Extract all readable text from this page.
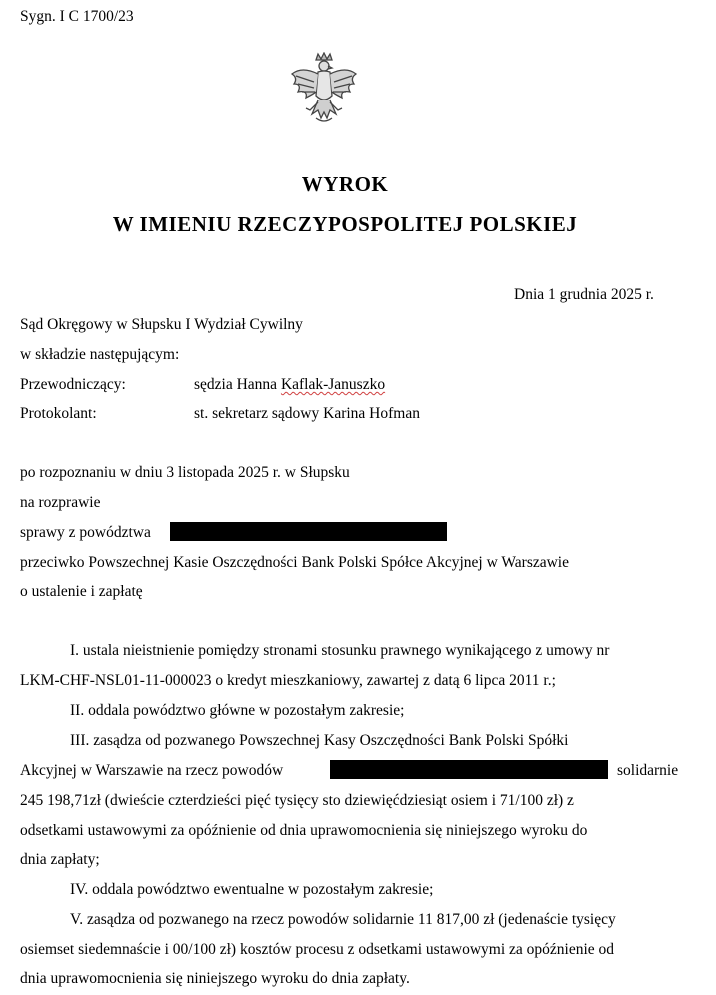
Sygn. I C 1700/23
WYROK
W IMIENIU RZECZYPOSPOLITEJ POLSKIEJ
Dnia 1 grudnia 2025 r.
Sąd Okręgowy w Słupsku I Wydział Cywilny
w składzie następującym:
Przewodniczący:	sędzia Hanna Kaflak-Januszko
Protokolant:	st. sekretarz sądowy Karina Hofman
po rozpoznaniu w dniu 3 listopada 2025 r. w Słupsku
na rozprawie
sprawy z powództwa
przeciwko Powszechnej Kasie Oszczędności Bank Polski Spółce Akcyjnej w Warszawie
o ustalenie i zapłatę
I. ustala nieistnienie pomiędzy stronami stosunku prawnego wynikającego z umowy nr
LKM-CHF-NSL01-11-000023 o kredyt mieszkaniowy, zawartej z datą 6 lipca 2011 r.;
II. oddala powództwo główne w pozostałym zakresie;
III. zasądza od pozwanego Powszechnej Kasy Oszczędności Bank Polski Spółki
Akcyjnej w Warszawie na rzecz powodów	solidarnie
245 198,71zł (dwieście czterdzieści pięć tysięcy sto dziewięćdziesiąt osiem i 71/100 zł) z
odsetkami ustawowymi za opóźnienie od dnia uprawomocnienia się niniejszego wyroku do
dnia zapłaty;
IV. oddala powództwo ewentualne w pozostałym zakresie;
V. zasądza od pozwanego na rzecz powodów solidarnie 11 817,00 zł (jedenaście tysięcy
osiemset siedemnaście i 00/100 zł) kosztów procesu z odsetkami ustawowymi za opóźnienie od
dnia uprawomocnienia się niniejszego wyroku do dnia zapłaty.
